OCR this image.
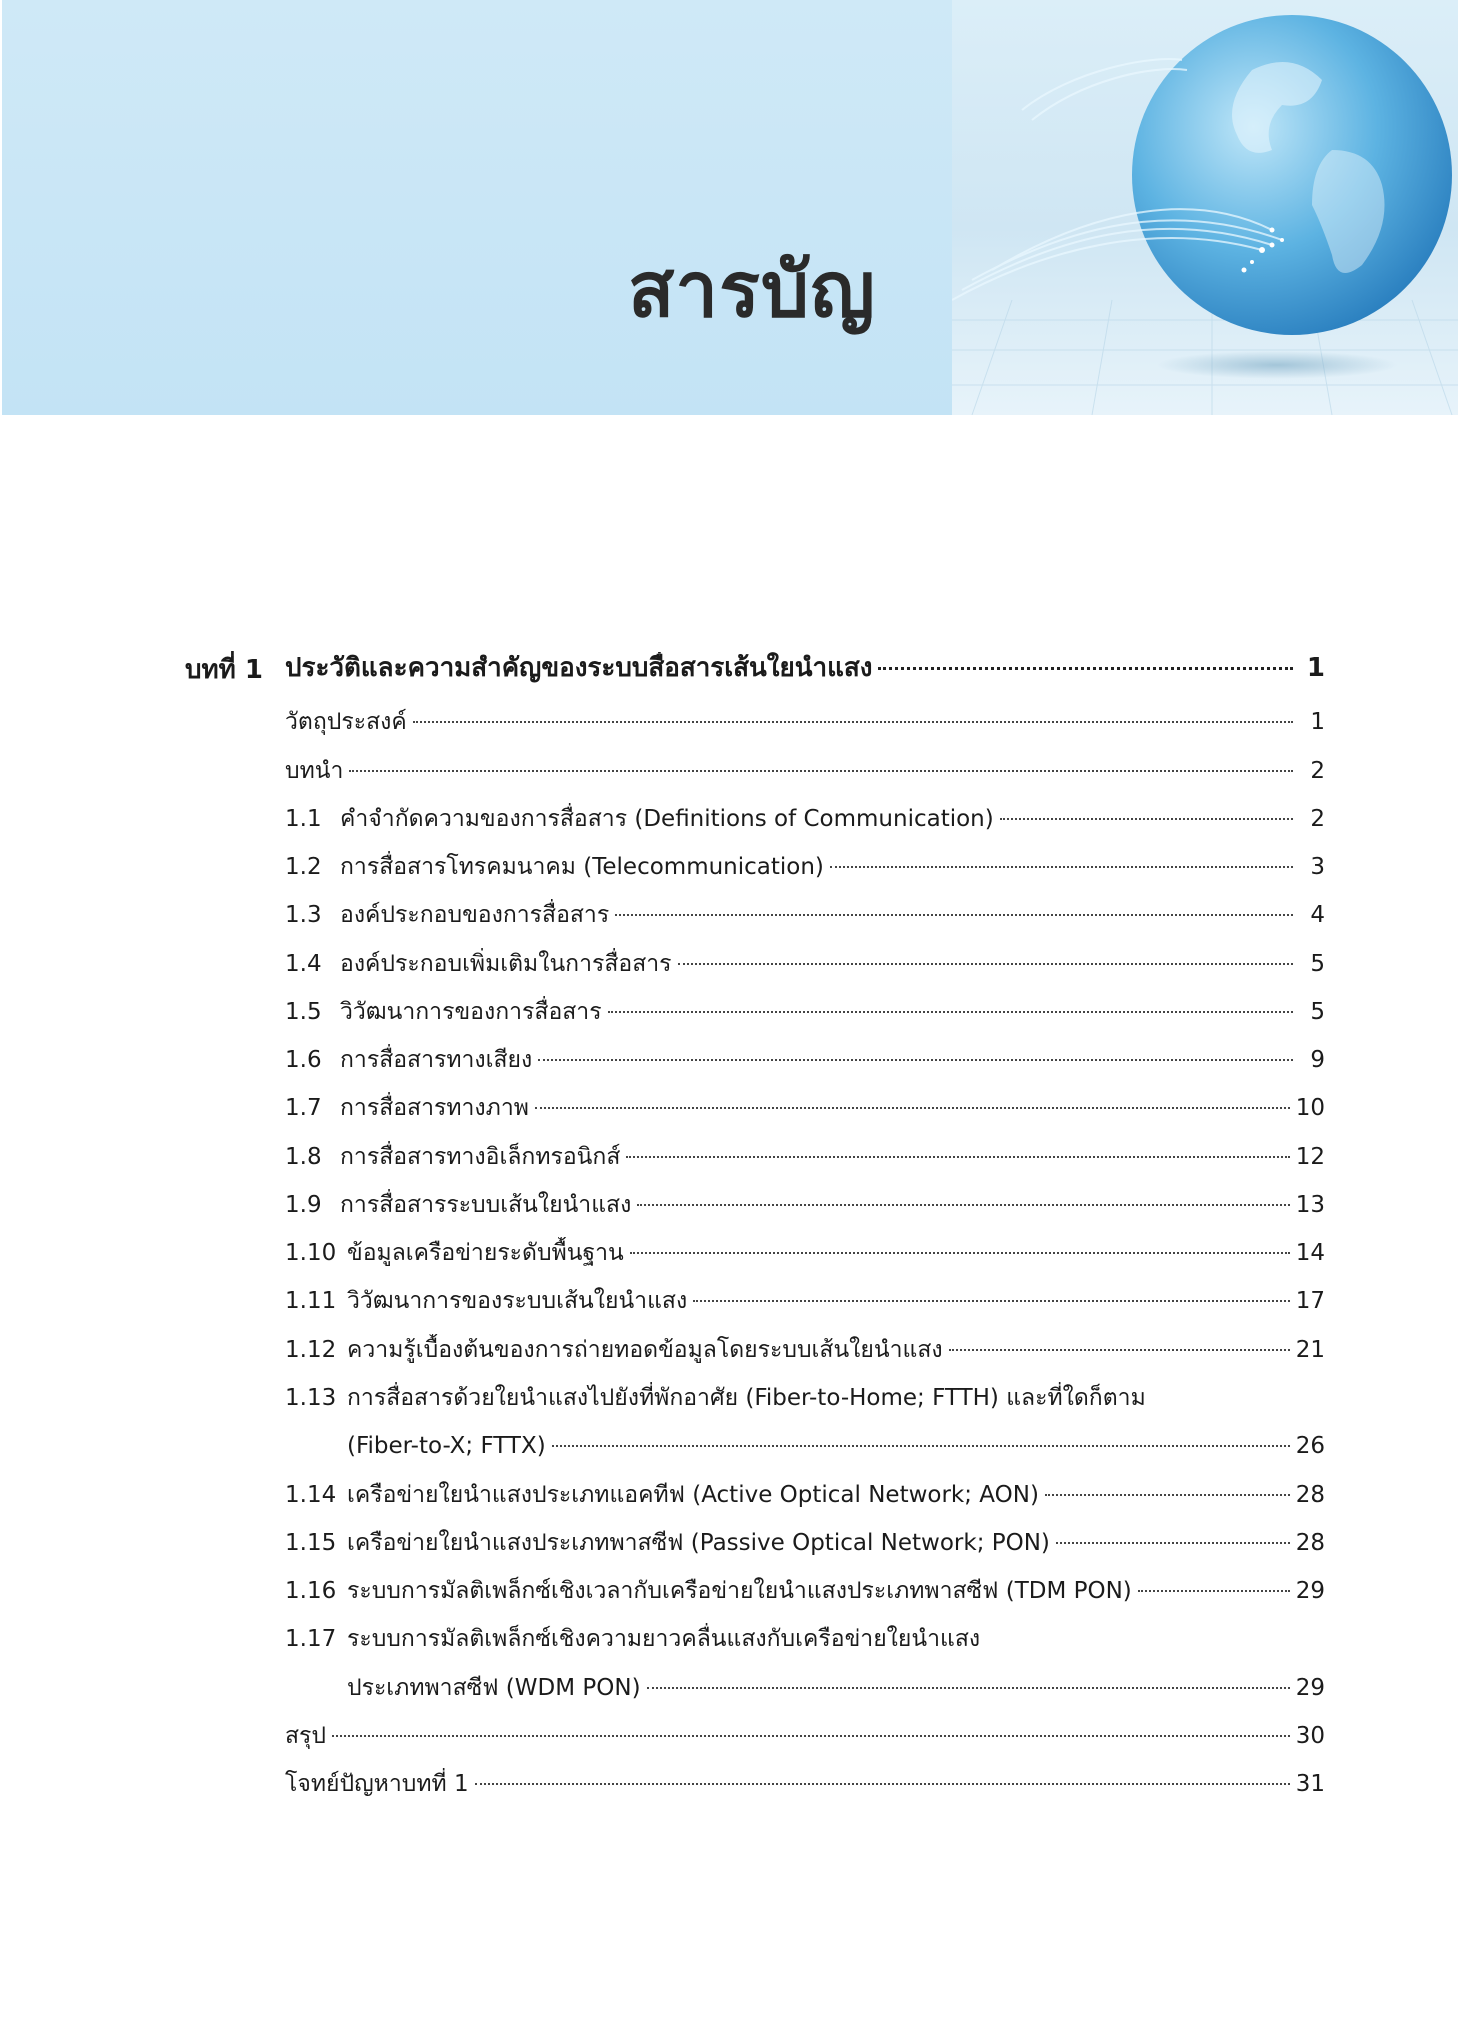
สารบัญ
บทที่ 1 ประวัติและความสำคัญของระบบสื่อสารเส้นใยนำแสง	1
วัตถุประสงค์	1
บทนำ	2
1.1 คำจำกัดความของการสื่อสาร (Definitions of Communication)	2
1.2 การสื่อสารโทรคมนาคม (Telecommunication)	3
1.3 องค์ประกอบของการสื่อสาร	4
1.4 องค์ประกอบเพิ่มเติมในการสื่อสาร	5
1.5 วิวัฒนาการของการสื่อสาร	5
1.6 การสื่อสารทางเสียง	9
1.7 การสื่อสารทางภาพ	10
1.8 การสื่อสารทางอิเล็กทรอนิกส์	12
1.9 การสื่อสารระบบเส้นใยนำแสง	13
1.10 ข้อมูลเครือข่ายระดับพื้นฐาน	14
1.11 วิวัฒนาการของระบบเส้นใยนำแสง	17
1.12 ความรู้เบื้องต้นของการถ่ายทอดข้อมูลโดยระบบเส้นใยนำแสง	21
1.13 การสื่อสารด้วยใยนำแสงไปยังที่พักอาศัย (Fiber-to-Home; FTTH) และที่ใดก็ตาม
(Fiber-to-X; FTTX)	26
1.14 เครือข่ายใยนำแสงประเภทแอคทีฟ (Active Optical Network; AON)	28
1.15 เครือข่ายใยนำแสงประเภทพาสซีฟ (Passive Optical Network; PON)	28
1.16 ระบบการมัลติเพล็กซ์เชิงเวลากับเครือข่ายใยนำแสงประเภทพาสซีฟ (TDM PON)	29
1.17 ระบบการมัลติเพล็กซ์เชิงความยาวคลื่นแสงกับเครือข่ายใยนำแสง
ประเภทพาสซีฟ (WDM PON)	29
สรุป	30
โจทย์ปัญหาบทที่ 1	31
